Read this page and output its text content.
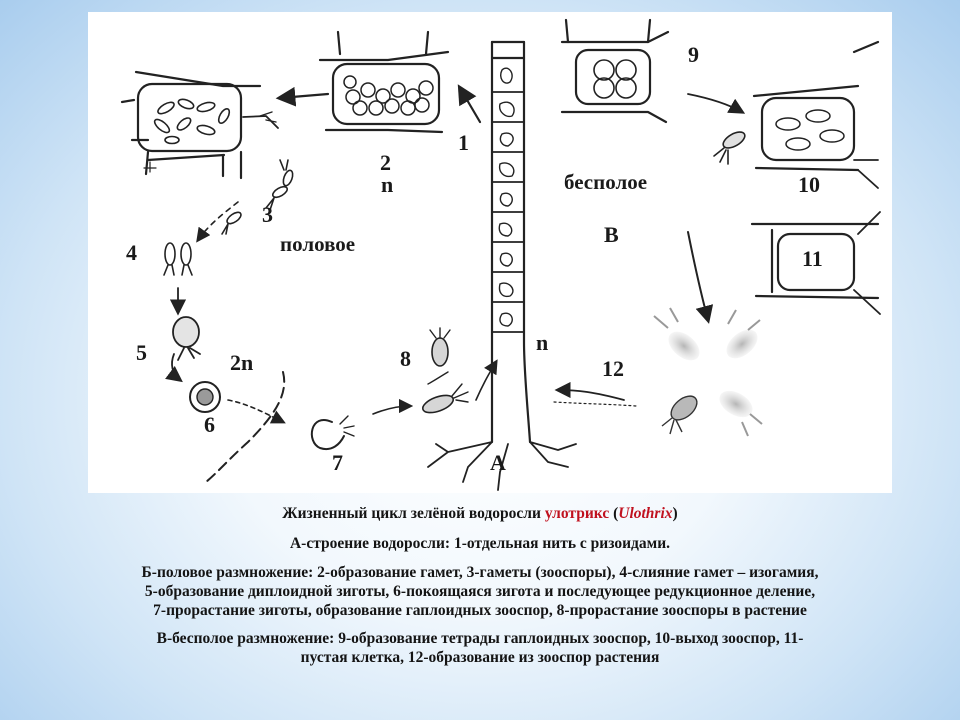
1
2
n
3
половое
4
5	2n
6
7
8
А
n
9
бесполое	10
В
11
12

Жизненный цикл зелёной водоросли улотрикс (Ulothrix)

А-строение водоросли: 1-отдельная нить с ризоидами.

Б-половое размножение: 2-образование гамет, 3-гаметы (зооспоры), 4-слияние гамет – изогамия,

5-образование диплоидной зиготы, 6-покоящаяся зигота и последующее редукционное деление,

7-прорастание зиготы, образование гаплоидных зооспор, 8-прорастание зооспоры в растение

В-бесполое размножение: 9-образование тетрады гаплоидных зооспор, 10-выход зооспор, 11-

пустая клетка, 12-образование из зооспор растения
